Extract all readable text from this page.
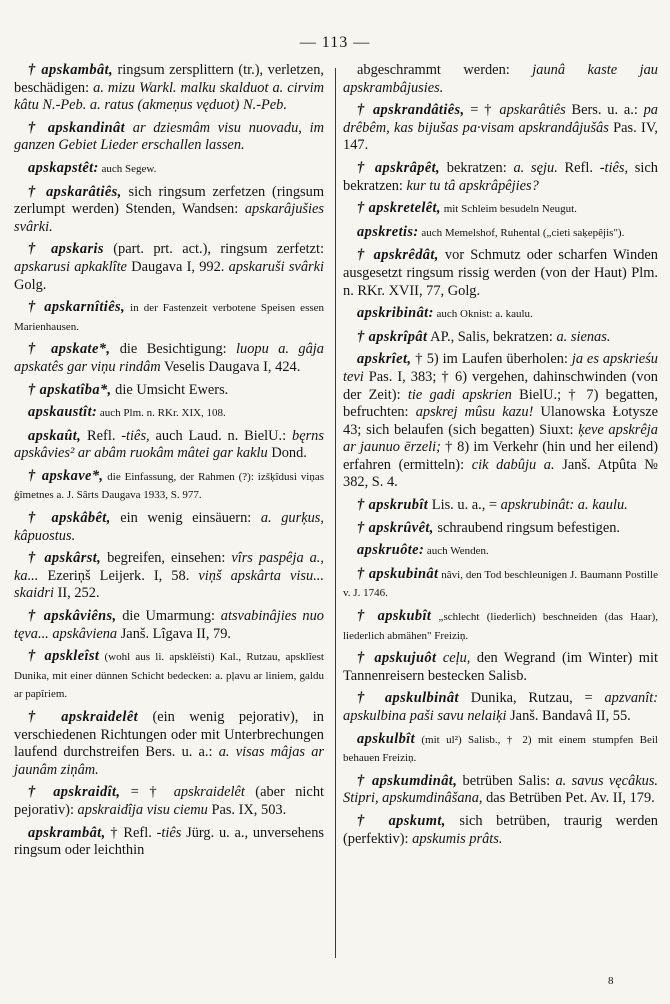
— 113 —

† apskambât, ringsum zersplittern (tr.), verletzen, beschädigen: a. mizu Warkl. malku skalduot a. cirvim kâtu N.-Peb. a. ratus (akmeņus vęduot) N.-Peb.

† apskandinât ar dziesmâm visu nuovadu, im ganzen Gebiet Lieder erschallen lassen.

apskapstêt: auch Segew.

† apskarâtiês, sich ringsum zerfetzen (ringsum zerlumpt werden) Stenden, Wandsen: apskarâjušies svârki.

† apskaris (part. prt. act.), ringsum zerfetzt: apskarusi apkaklîte Daugava I, 992. apskaruši svârki Golg.

† apskarnîtiês, in der Fastenzeit verbotene Speisen essen Marienhausen.

† apskate*, die Besichtigung: luopu a. gâja apskatês gar viņu rindâm Veselis Daugava I, 424.

† apskatîba*, die Umsicht Ewers.

apskaustît: auch Plm. n. RKr. XIX, 108.

apskaût, Refl. -tiês, auch Laud. n. BielU.: bęrns apskâvies² ar abâm ruokâm mâtei gar kaklu Dond.

† apskave*, die Einfassung, der Rahmen (?): izšķîdusi viņas ģîmetnes a. J. Sârts Daugava 1933, S. 977.

† apskâbêt, ein wenig einsäuern: a. gurķus, kâpuostus.

† apskârst, begreifen, einsehen: vîrs paspêja a., ka... Ezeriņš Leijerk. I, 58. viņš apskârta visu... skaidri II, 252.

† apskâviêns, die Umarmung: atsvabinâjies nuo tęva... apskâviena Janš. Lîgava II, 79.

† apskleîst (wohl aus li. apsklèîsti) Kal., Rutzau, apsklîest Dunika, mit einer dünnen Schicht bedecken: a. pļavu ar liniem, galdu ar papîriem.

† apskraidelêt (ein wenig pejorativ), in verschiedenen Richtungen oder mit Unterbrechungen laufend durchstreifen Bers. u. a.: a. visas mâjas ar jaunâm ziņâm.

† apskraidît, = † apskraidelêt (aber nicht pejorativ): apskraidîja visu ciemu Pas. IX, 503.

apskrambât, † Refl. -tiês Jürg. u. a., unversehens ringsum oder leichthin

abgeschrammt werden: jaunâ kaste jau apskrambâjusies.

† apskrandâtiês, = † apskarâtiês Bers. u. a.: pa drêbêm, kas bijušas pa·visam apskrandâjušâs Pas. IV, 147.

† apskrâpêt, bekratzen: a. sęju. Refl. -tiês, sich bekratzen: kur tu tâ apskrâpêjies?

† apskretelêt, mit Schleim besudeln Neugut.

apskretis: auch Memelshof, Ruhental („cieti saķepêjis").

† apskrêdât, vor Schmutz oder scharfen Winden ausgesetzt ringsum rissig werden (von der Haut) Plm. n. RKr. XVII, 77, Golg.

apskribinât: auch Oknist: a. kaulu.

† apskrîpât AP., Salis, bekratzen: a. sienas.

apskrîet, † 5) im Laufen überholen: ja es apskrieśu tevi Pas. I, 383; † 6) vergehen, dahinschwinden (von der Zeit): tie gadi apskrien BielU.; † 7) begatten, befruchten: apskrej mûsu kazu! Ulanowska Łotysze 43; sich belaufen (sich begatten) Siuxt: ķeve apskrêja ar jaunuo ērzeli; † 8) im Verkehr (hin und her eilend) erfahren (ermitteln): cik dabûju a. Janš. Atpûta № 382, S. 4.

† apskrubît Lis. u. a., = apskrubinât: a. kaulu.

† apskrûvêt, schraubend ringsum befestigen.

apskruôte: auch Wenden.

† apskubinât nâvi, den Tod beschleunigen J. Baumann Postille v. J. 1746.

† apskubît „schlecht (liederlich) beschneiden (das Haar), liederlich abmähen" Freiziņ.

† apskujuôt ceļu, den Wegrand (im Winter) mit Tannenreisern bestecken Salisb.

† apskulbinât Dunika, Rutzau, = apzvanît: apskulbina paši savu nelaiķi Janš. Bandavâ II, 55.

apskulbît (mit ul²) Salisb., † 2) mit einem stumpfen Beil behauen Freiziņ.

† apskumdinât, betrüben Salis: a. savus vęcâkus. Stipri, apskumdinâšana, das Betrüben Pet. Av. II, 179.

† apskumt, sich betrüben, traurig werden (perfektiv): apskumis prâts.

8
